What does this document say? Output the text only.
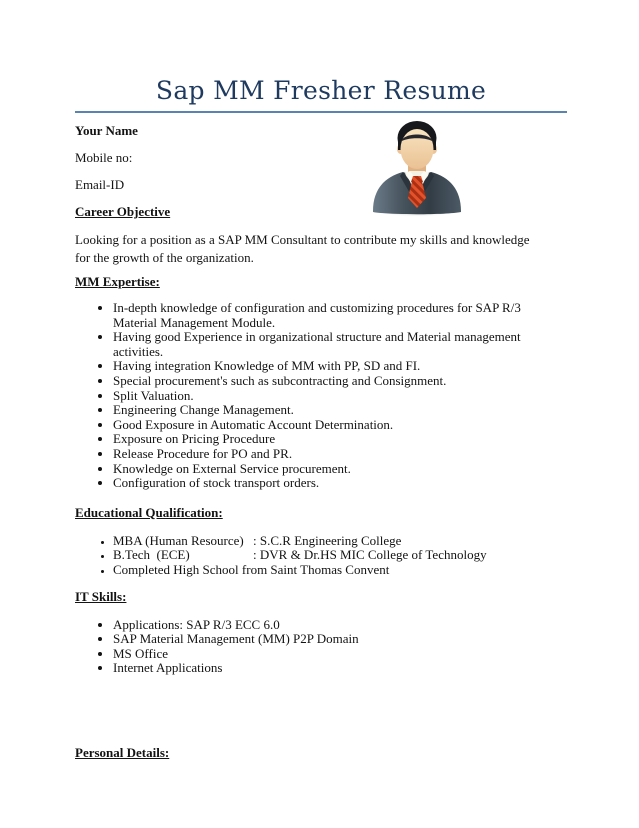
Sap MM Fresher Resume

Your Name

Mobile no:

Email-ID

Career Objective

Looking for a position as a SAP MM Consultant to contribute my skills and knowledge for the growth of the organization.

MM Expertise:
• In-depth knowledge of configuration and customizing procedures for SAP R/3 Material Management Module.
• Having good Experience in organizational structure and Material management activities.
• Having integration Knowledge of MM with PP, SD and FI.
• Special procurement's such as subcontracting and Consignment.
• Split Valuation.
• Engineering Change Management.
• Good Exposure in Automatic Account Determination.
• Exposure on Pricing Procedure
• Release Procedure for PO and PR.
• Knowledge on External Service procurement.
• Configuration of stock transport orders.
Educational Qualification:
• MBA (Human Resource) : S.C.R Engineering College
• B.Tech  (ECE)	: DVR & Dr.HS MIC College of Technology
• Completed High School from Saint Thomas Convent
IT Skills:
• Applications: SAP R/3 ECC 6.0
• SAP Material Management (MM) P2P Domain
• MS Office
• Internet Applications
Personal Details:
